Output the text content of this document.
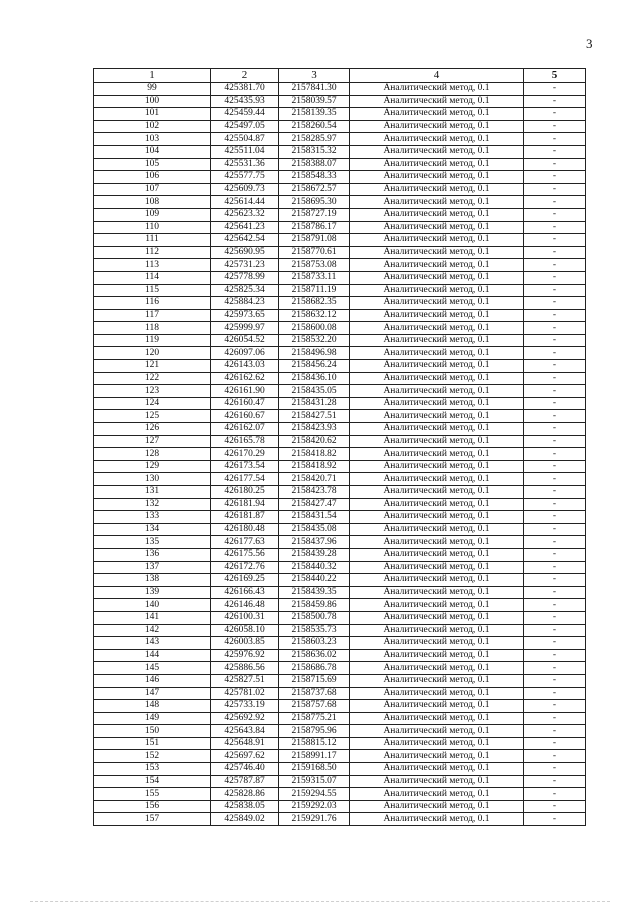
3
1	2	3	4	5
99	425381.70	2157841.30	Аналитический метод, 0.1	-
100	425435.93	2158039.57	Аналитический метод, 0.1	-
101	425459.44	2158139.35	Аналитический метод, 0.1	-
102	425497.05	2158260.54	Аналитический метод, 0.1	-
103	425504.87	2158285.97	Аналитический метод, 0.1	-
104	425511.04	2158315.32	Аналитический метод, 0.1	-
105	425531.36	2158388.07	Аналитический метод, 0.1	-
106	425577.75	2158548.33	Аналитический метод, 0.1	-
107	425609.73	2158672.57	Аналитический метод, 0.1	-
108	425614.44	2158695.30	Аналитический метод, 0.1	-
109	425623.32	2158727.19	Аналитический метод, 0.1	-
110	425641.23	2158786.17	Аналитический метод, 0.1	-
111	425642.54	2158791.08	Аналитический метод, 0.1	-
112	425690.95	2158770.61	Аналитический метод, 0.1	-
113	425731.23	2158753.08	Аналитический метод, 0.1	-
114	425778.99	2158733.11	Аналитический метод, 0.1	-
115	425825.34	2158711.19	Аналитический метод, 0.1	-
116	425884.23	2158682.35	Аналитический метод, 0.1	-
117	425973.65	2158632.12	Аналитический метод, 0.1	-
118	425999.97	2158600.08	Аналитический метод, 0.1	-
119	426054.52	2158532.20	Аналитический метод, 0.1	-
120	426097.06	2158496.98	Аналитический метод, 0.1	-
121	426143.03	2158456.24	Аналитический метод, 0.1	-
122	426162.62	2158436.10	Аналитический метод, 0.1	-
123	426161.90	2158435.05	Аналитический метод, 0.1	-
124	426160.47	2158431.28	Аналитический метод, 0.1	-
125	426160.67	2158427.51	Аналитический метод, 0.1	-
126	426162.07	2158423.93	Аналитический метод, 0.1	-
127	426165.78	2158420.62	Аналитический метод, 0.1	-
128	426170.29	2158418.82	Аналитический метод, 0.1	-
129	426173.54	2158418.92	Аналитический метод, 0.1	-
130	426177.54	2158420.71	Аналитический метод, 0.1	-
131	426180.25	2158423.78	Аналитический метод, 0.1	-
132	426181.94	2158427.47	Аналитический метод, 0.1	-
133	426181.87	2158431.54	Аналитический метод, 0.1	-
134	426180.48	2158435.08	Аналитический метод, 0.1	-
135	426177.63	2158437.96	Аналитический метод, 0.1	-
136	426175.56	2158439.28	Аналитический метод, 0.1	-
137	426172.76	2158440.32	Аналитический метод, 0.1	-
138	426169.25	2158440.22	Аналитический метод, 0.1	-
139	426166.43	2158439.35	Аналитический метод, 0.1	-
140	426146.48	2158459.86	Аналитический метод, 0.1	-
141	426100.31	2158500.78	Аналитический метод, 0.1	-
142	426058.10	2158535.73	Аналитический метод, 0.1	-
143	426003.85	2158603.23	Аналитический метод, 0.1	-
144	425976.92	2158636.02	Аналитический метод, 0.1	-
145	425886.56	2158686.78	Аналитический метод, 0.1	-
146	425827.51	2158715.69	Аналитический метод, 0.1	-
147	425781.02	2158737.68	Аналитический метод, 0.1	-
148	425733.19	2158757.68	Аналитический метод, 0.1	-
149	425692.92	2158775.21	Аналитический метод, 0.1	-
150	425643.84	2158795.96	Аналитический метод, 0.1	-
151	425648.91	2158815.12	Аналитический метод, 0.1	-
152	425697.62	2158991.17	Аналитический метод, 0.1	-
153	425746.40	2159168.50	Аналитический метод, 0.1	-
154	425787.87	2159315.07	Аналитический метод, 0.1	-
155	425828.86	2159294.55	Аналитический метод, 0.1	-
156	425838.05	2159292.03	Аналитический метод, 0.1	-
157	425849.02	2159291.76	Аналитический метод, 0.1	-
